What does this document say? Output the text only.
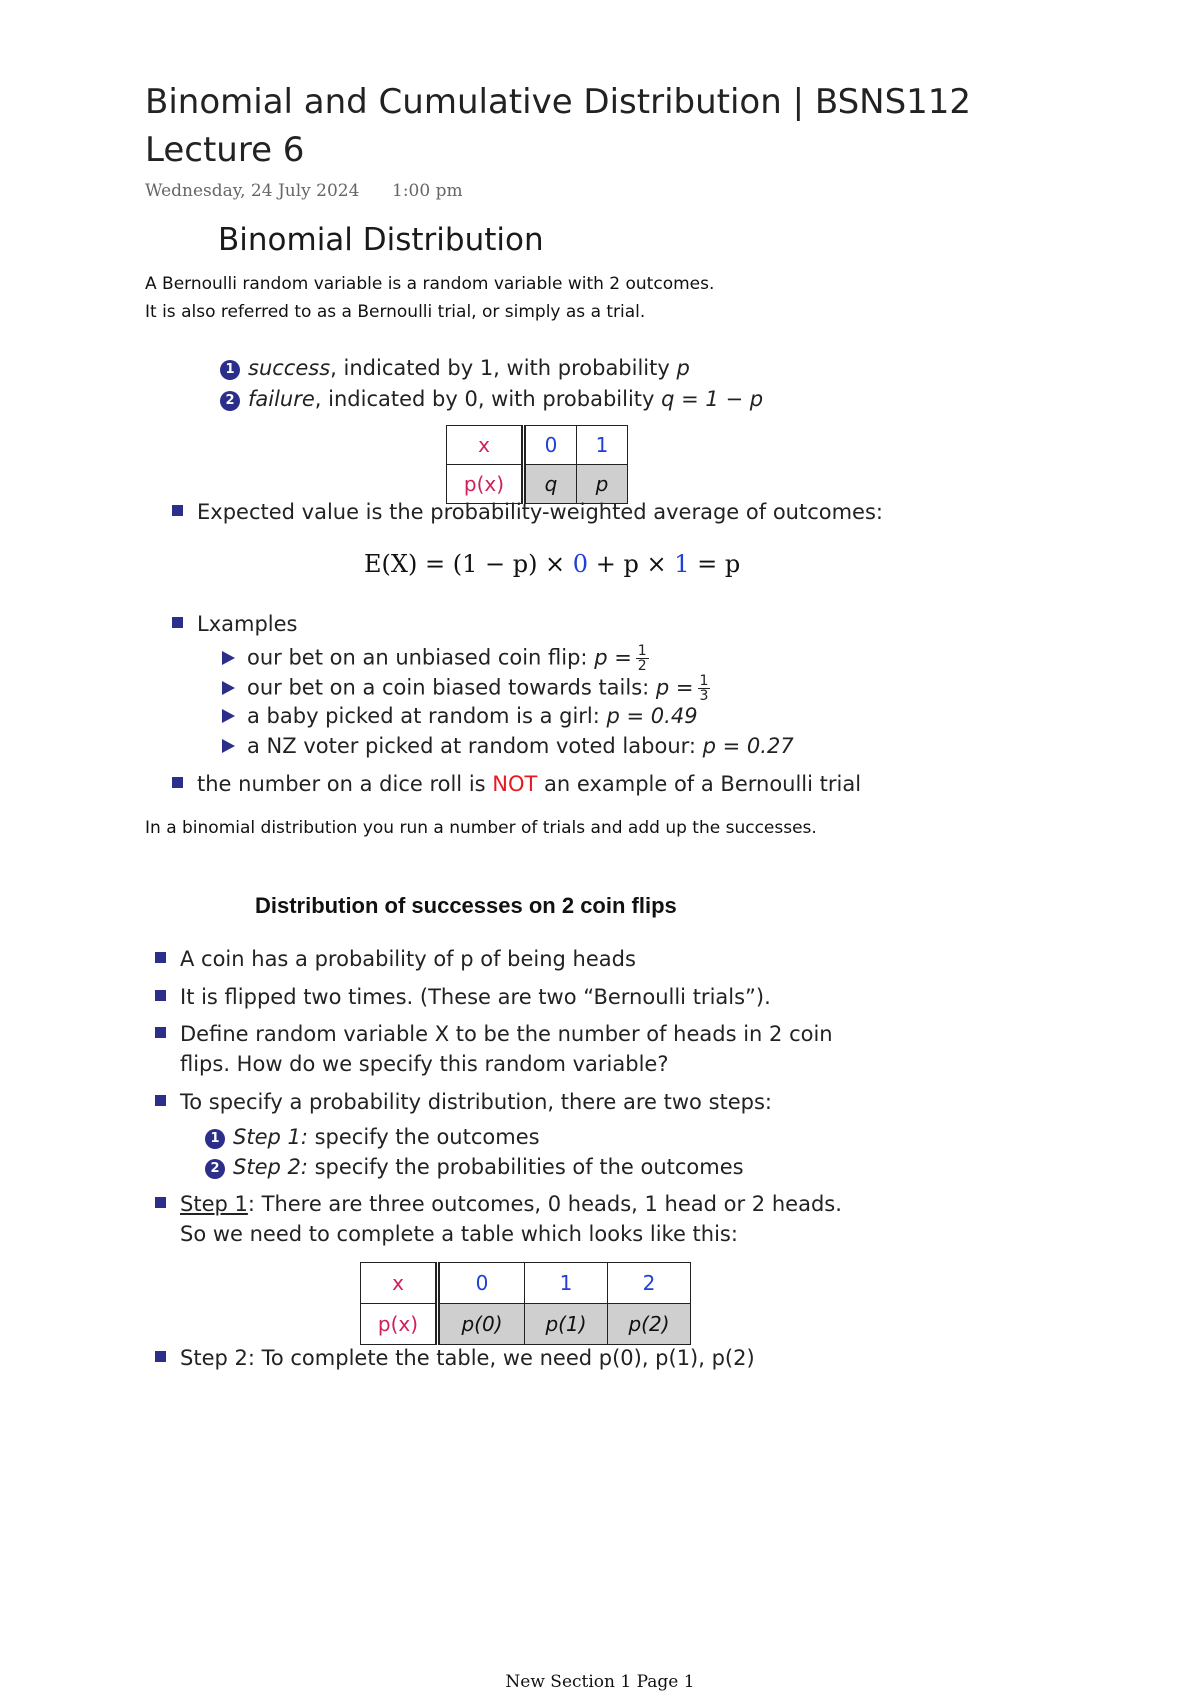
Binomial and Cumulative Distribution | BSNS112 Lecture 6
Wednesday, 24 July 2024 1:00 pm
Binomial Distribution
A Bernoulli random variable is a random variable with 2 outcomes.
It is also referred to as a Bernoulli trial, or simply as a trial.
1 success, indicated by 1, with probability p
2 failure, indicated by 0, with probability q = 1 − p
x	0	1
p(x)	q	p
Expected value is the probability-weighted average of outcomes:
E(X) = (1 − p) × 0 + p × 1 = p
Lxamples
our bet on an unbiased coin flip: $p = \frac{1}{2}$
our bet on a coin biased towards tails: $p = \frac{1}{3}$
a baby picked at random is a girl: p = 0.49
a NZ voter picked at random voted labour: p = 0.27
the number on a dice roll is NOT an example of a Bernoulli trial
In a binomial distribution you run a number of trials and add up the successes.
Distribution of successes on 2 coin flips
A coin has a probability of p of being heads
It is flipped two times. (These are two “Bernoulli trials”).
Define random variable X to be the number of heads in 2 coin
flips. How do we specify this random variable?
To specify a probability distribution, there are two steps:
1 Step 1: specify the outcomes
2 Step 2: specify the probabilities of the outcomes
Step 1: There are three outcomes, 0 heads, 1 head or 2 heads.
So we need to complete a table which looks like this:
x	0	1	2
p(x)	p(0)	p(1)	p(2)
Step 2: To complete the table, we need p(0), p(1), p(2)
New Section 1 Page 1
